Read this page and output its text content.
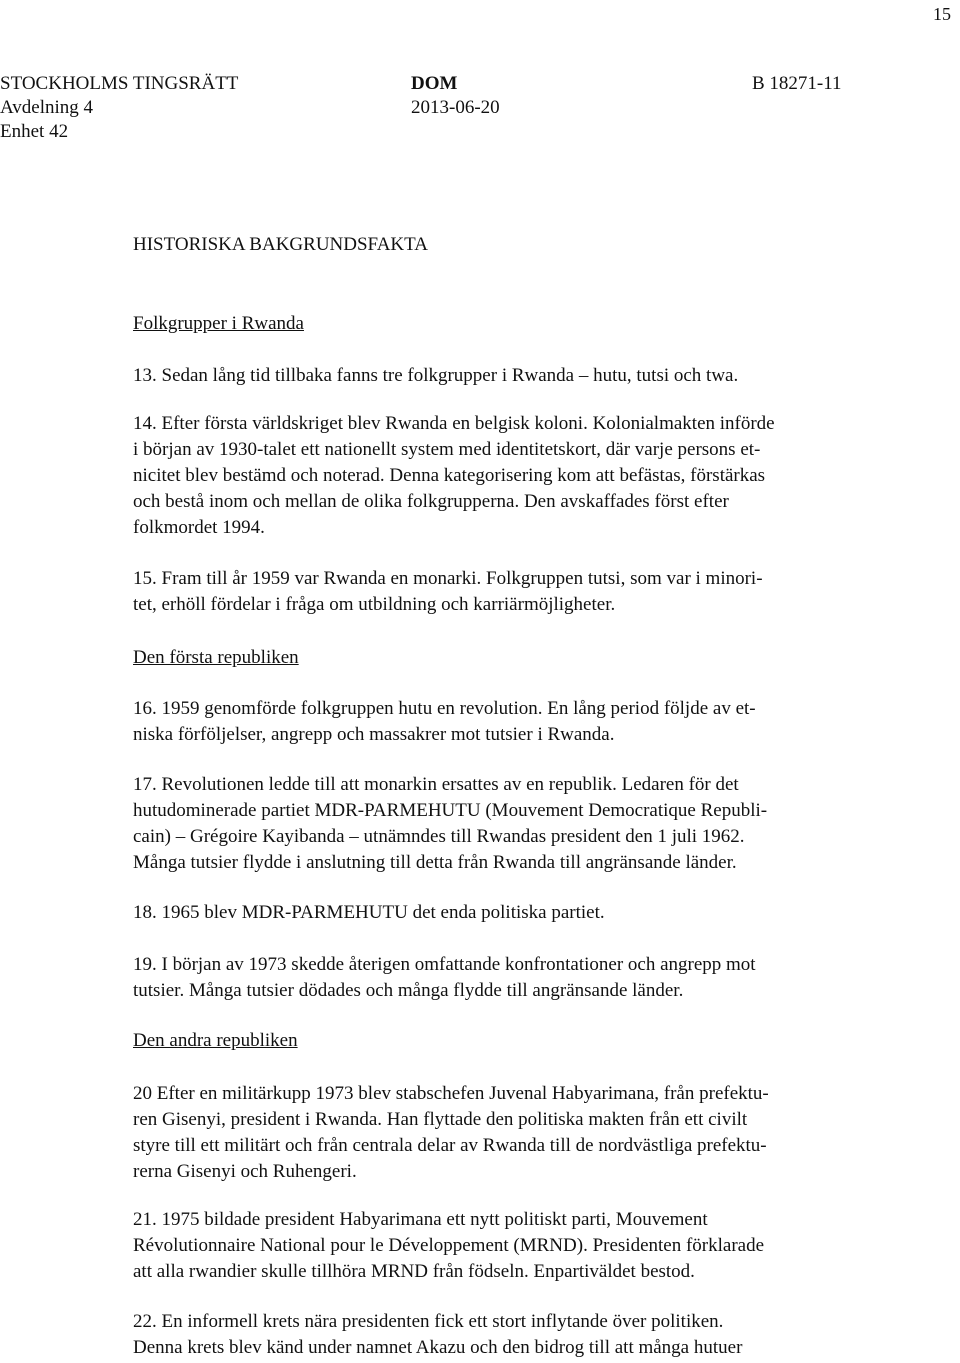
15
STOCKHOLMS TINGSRÄTT
Avdelning 4
Enhet 42
DOM
2013-06-20
B 18271-11
HISTORISKA BAKGRUNDSFAKTA
Folkgrupper i Rwanda
13. Sedan lång tid tillbaka fanns tre folkgrupper i Rwanda – hutu, tutsi och twa.
14. Efter första världskriget blev Rwanda en belgisk koloni. Kolonialmakten införde
i början av 1930-talet ett nationellt system med identitetskort, där varje persons et-
nicitet blev bestämd och noterad. Denna kategorisering kom att befästas, förstärkas
och bestå inom och mellan de olika folkgrupperna. Den avskaffades först efter
folkmordet 1994.
15. Fram till år 1959 var Rwanda en monarki. Folkgruppen tutsi, som var i minori-
tet, erhöll fördelar i fråga om utbildning och karriärmöjligheter.
Den första republiken
16. 1959 genomförde folkgruppen hutu en revolution. En lång period följde av et-
niska förföljelser, angrepp och massakrer mot tutsier i Rwanda.
17. Revolutionen ledde till att monarkin ersattes av en republik. Ledaren för det
hutudominerade partiet MDR-PARMEHUTU (Mouvement Democratique Republi-
cain) – Grégoire Kayibanda – utnämndes till Rwandas president den 1 juli 1962.
Många tutsier flydde i anslutning till detta från Rwanda till angränsande länder.
18. 1965 blev MDR-PARMEHUTU det enda politiska partiet.
19. I början av 1973 skedde återigen omfattande konfrontationer och angrepp mot
tutsier. Många tutsier dödades och många flydde till angränsande länder.
Den andra republiken
20 Efter en militärkupp 1973 blev stabschefen Juvenal Habyarimana, från prefektu-
ren Gisenyi, president i Rwanda. Han flyttade den politiska makten från ett civilt
styre till ett militärt och från centrala delar av Rwanda till de nordvästliga prefektu-
rerna Gisenyi och Ruhengeri.
21. 1975 bildade president Habyarimana ett nytt politiskt parti, Mouvement
Révolutionnaire National pour le Développement (MRND). Presidenten förklarade
att alla rwandier skulle tillhöra MRND från födseln. Enpartiväldet bestod.
22. En informell krets nära presidenten fick ett stort inflytande över politiken.
Denna krets blev känd under namnet Akazu och den bidrog till att många hutuer
